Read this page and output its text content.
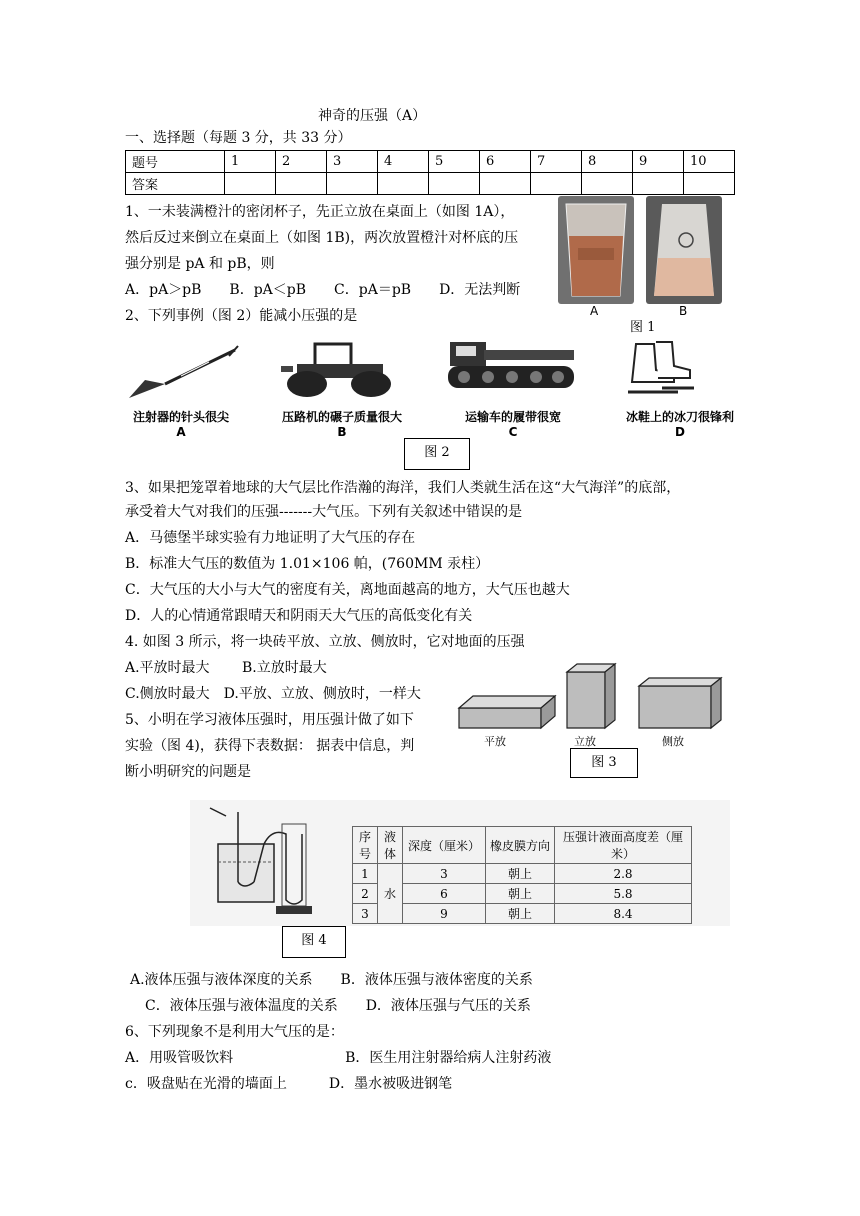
神奇的压强（A）
一、选择题（每题 3 分，共 33 分）
题号	1	2	3	4	5	6	7	8	9	10
答案										
1、一未装满橙汁的密闭杯子，先正立放在桌面上（如图 1A），
然后反过来倒立在桌面上（如图 1B)，两次放置橙汁对杯底的压
强分别是 pA 和 pB，则
A．pA＞pB　　B．pA＜pB　　C．pA＝pB　　D．无法判断
A	B
图 1
2、下列事例（图 2）能减小压强的是
注射器的针头很尖	压路机的碾子质量很大	运输车的履带很宽	冰鞋上的冰刀很锋利
A	B	C	D
图 2
3、如果把笼罩着地球的大气层比作浩瀚的海洋，我们人类就生活在这“大气海洋”的底部，
承受着大气对我们的压强-------大气压。下列有关叙述中错误的是
A．马德堡半球实验有力地证明了大气压的存在
B．标准大气压的数值为 1.01×106 帕，(760MM 汞柱）
C．大气压的大小与大气的密度有关，离地面越高的地方，大气压也越大
D．人的心情通常跟晴天和阴雨天大气压的高低变化有关
4. 如图 3 所示，将一块砖平放、立放、侧放时，它对地面的压强
A.平放时最大　　 B.立放时最大
C.侧放时最大　D.平放、立放、侧放时，一样大
平放	立放	侧放
图 3
5、小明在学习液体压强时，用压强计做了如下
实验（图 4)，获得下表数据： 据表中信息，判
断小明研究的问题是
序号	液体	深度（厘米）	橡皮膜方向	压强计液面高度差（厘米）
1	水	3	朝上	2.8
2		6	朝上	5.8
3		9	朝上	8.4
图 4
A.液体压强与液体深度的关系　　B．液体压强与液体密度的关系
C．液体压强与液体温度的关系　　D．液体压强与气压的关系
6、下列现象不是利用大气压的是：
A．用吸管吸饮料　　　　　　　　B．医生用注射器给病人注射药液
c．吸盘贴在光滑的墙面上　　　D．墨水被吸进钢笔
